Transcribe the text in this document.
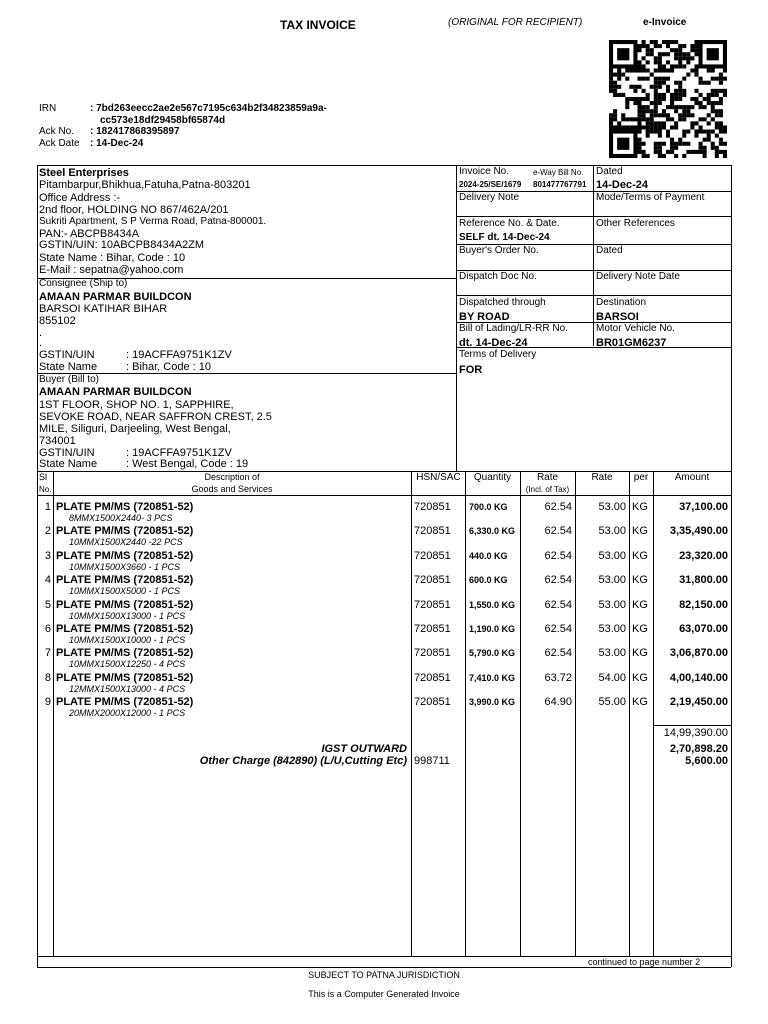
TAX INVOICE	(ORIGINAL FOR RECIPIENT)	e-Invoice
IRN	: 7bd263eecc2ae2e567c7195c634b2f34823859a9a-
cc573e18df29458bf65874d
Ack No. : 182417868395897
Ack Date : 14-Dec-24
Steel Enterprises
Pitambarpur,Bhikhua,Fatuha,Patna-803201
Office Address :-
2nd floor, HOLDING NO 867/462A/201
Sukriti Apartment, S P Verma Road, Patna-800001.
PAN:- ABCPB8434A
GSTIN/UIN: 10ABCPB8434A2ZM
State Name : Bihar, Code : 10
E-Mail : sepatna@yahoo.com
Consignee (Ship to)
AMAAN PARMAR BUILDCON
BARSOI KATIHAR BIHAR
855102
.
.
GSTIN/UIN	: 19ACFFA9751K1ZV
State Name	: Bihar, Code : 10
Buyer (Bill to)
AMAAN PARMAR BUILDCON
1ST FLOOR, SHOP NO. 1, SAPPHIRE,
SEVOKE ROAD, NEAR SAFFRON CREST, 2.5
MILE, Siliguri, Darjeeling, West Bengal,
734001
GSTIN/UIN	: 19ACFFA9751K1ZV
State Name	: West Bengal, Code : 19
Invoice No.	e-Way Bill No.
2024-25/SE/1679 801477767791
Dated
14-Dec-24
Delivery Note	Mode/Terms of Payment
Reference No. & Date.
SELF dt. 14-Dec-24
Other References
Buyer's Order No.	Dated
Dispatch Doc No.	Delivery Note Date
Dispatched through
BY ROAD
Destination
BARSOI
Bill of Lading/LR-RR No.
dt. 14-Dec-24
Motor Vehicle No.
BR01GM6237
Terms of Delivery
FOR
Sl
No.
Description of
Goods and Services
HSN/SAC	Quantity	Rate
(Incl. of Tax)
Rate	per	Amount
1 PLATE PM/MS (720851-52)	720851	700.0 KG	62.54	53.00 KG	37,100.00
8MMX1500X2440- 3 PCS
2 PLATE PM/MS (720851-52)	720851	6,330.0 KG	62.54	53.00 KG	3,35,490.00
10MMX1500X2440 -22 PCS
3 PLATE PM/MS (720851-52)	720851	440.0 KG	62.54	53.00 KG	23,320.00
10MMX1500X3660 - 1 PCS
4 PLATE PM/MS (720851-52)	720851	600.0 KG	62.54	53.00 KG	31,800.00
10MMX1500X5000 - 1 PCS
5 PLATE PM/MS (720851-52)	720851	1,550.0 KG	62.54	53.00 KG	82,150.00
10MMX1500X13000 - 1 PCS
6 PLATE PM/MS (720851-52)	720851	1,190.0 KG	62.54	53.00 KG	63,070.00
10MMX1500X10000 - 1 PCS
7 PLATE PM/MS (720851-52)	720851	5,790.0 KG	62.54	53.00 KG	3,06,870.00
10MMX1500X12250 - 4 PCS
8 PLATE PM/MS (720851-52)	720851	7,410.0 KG	63.72	54.00 KG	4,00,140.00
12MMX1500X13000 - 4 PCS
9 PLATE PM/MS (720851-52)	720851	3,990.0 KG	64.90	55.00 KG	2,19,450.00
20MMX2000X12000 - 1 PCS
14,99,390.00
IGST OUTWARD	2,70,898.20
Other Charge (842890) (L/U,Cutting Etc) 998711	5,600.00
continued to page number 2
SUBJECT TO PATNA JURISDICTION
This is a Computer Generated Invoice
